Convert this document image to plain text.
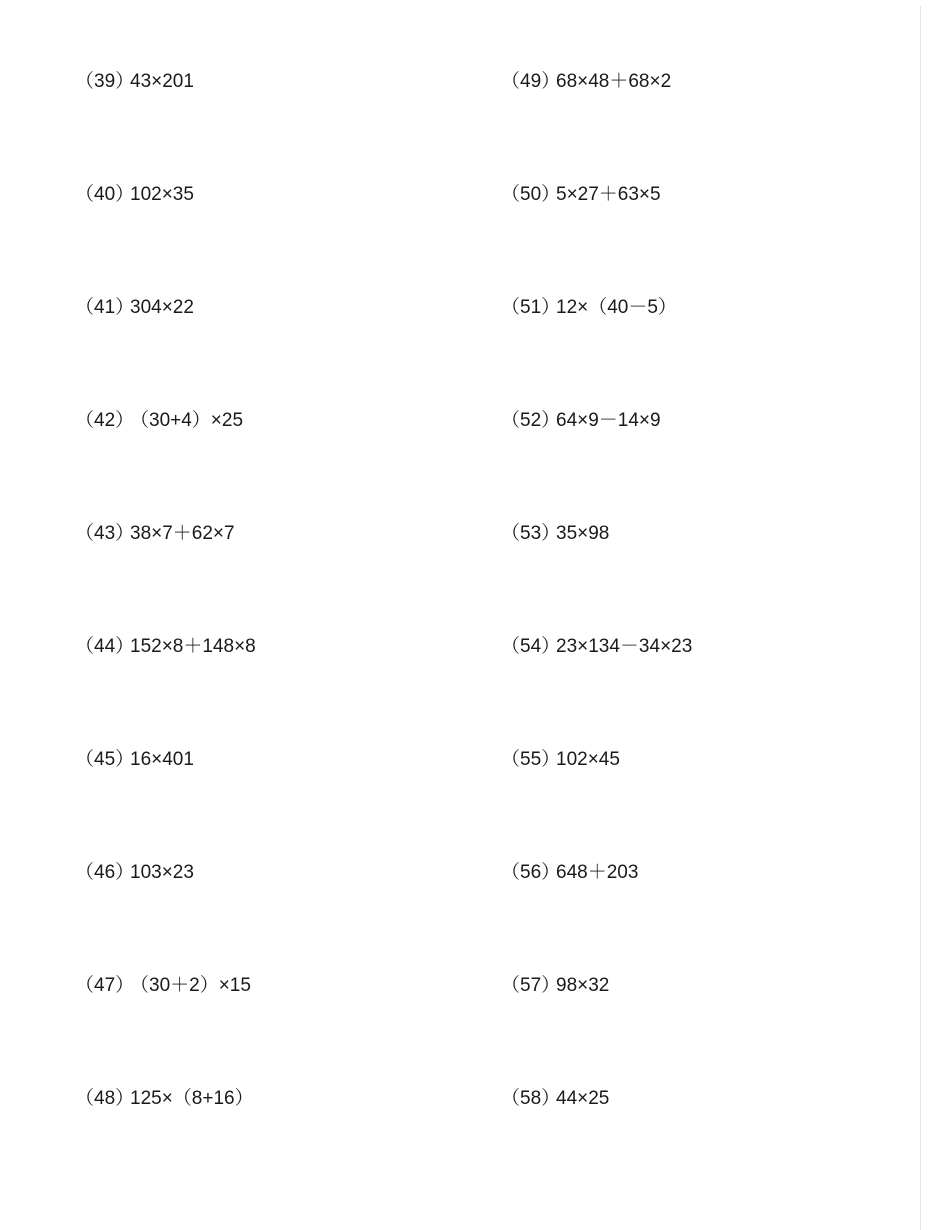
（39）43×201
（40）102×35
（41）304×22
（42）（30+4）×25
（43）38×7＋62×7
（44）152×8＋148×8
（45）16×401
（46）103×23
（47）（30＋2）×15
（48）125×（8+16）
（49）68×48＋68×2
（50）5×27＋63×5
（51）12×（40－5）
（52）64×9－14×9
（53）35×98
（54）23×134－34×23
（55）102×45
（56）648＋203
（57）98×32
（58）44×25
